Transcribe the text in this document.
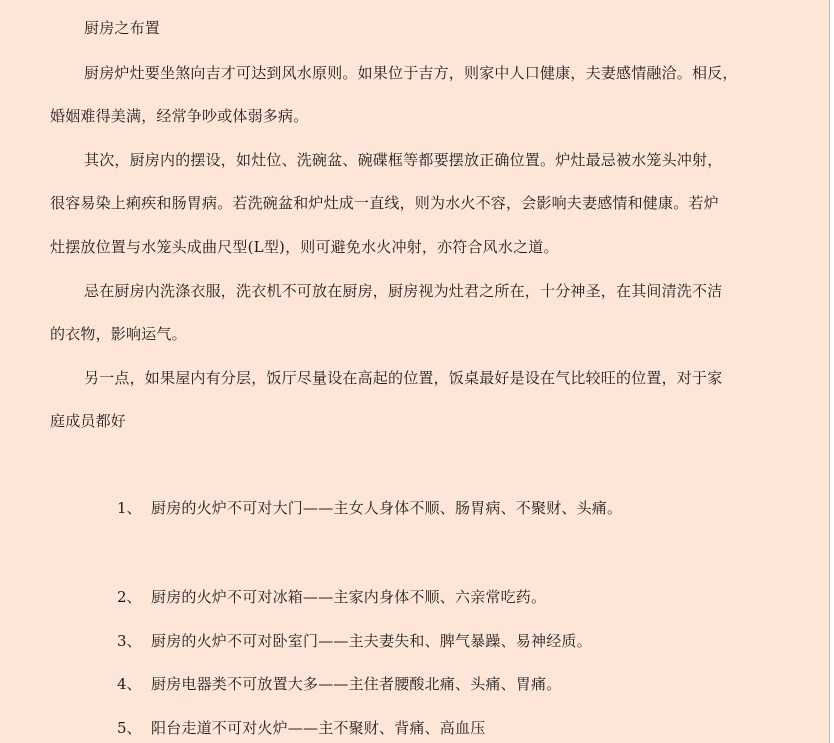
厨房之布置
厨房炉灶要坐煞向吉才可达到风水原则。如果位于吉方，则家中人口健康，夫妻感情融洽。相反，
婚姻难得美满，经常争吵或体弱多病。
其次，厨房内的摆设，如灶位、洗碗盆、碗碟框等都要摆放正确位置。炉灶最忌被水笼头冲射，
很容易染上痢疾和肠胃病。若洗碗盆和炉灶成一直线，则为水火不容，会影响夫妻感情和健康。若炉
灶摆放位置与水笼头成曲尺型(L型)，则可避免水火冲射，亦符合风水之道。
忌在厨房内洗涤衣服，洗衣机不可放在厨房，厨房视为灶君之所在，十分神圣，在其间清洗不洁
的衣物，影响运气。
另一点，如果屋内有分层，饭厅尽量设在高起的位置，饭桌最好是设在气比较旺的位置，对于家
庭成员都好
1、 厨房的火炉不可对大门——主女人身体不顺、肠胃病、不聚财、头痛。
2、 厨房的火炉不可对冰箱——主家内身体不顺、六亲常吃药。
3、 厨房的火炉不可对卧室门——主夫妻失和、脾气暴躁、易神经质。
4、 厨房电器类不可放置大多——主住者腰酸北痛、头痛、胃痛。
5、 阳台走道不可对火炉——主不聚财、背痛、高血压
